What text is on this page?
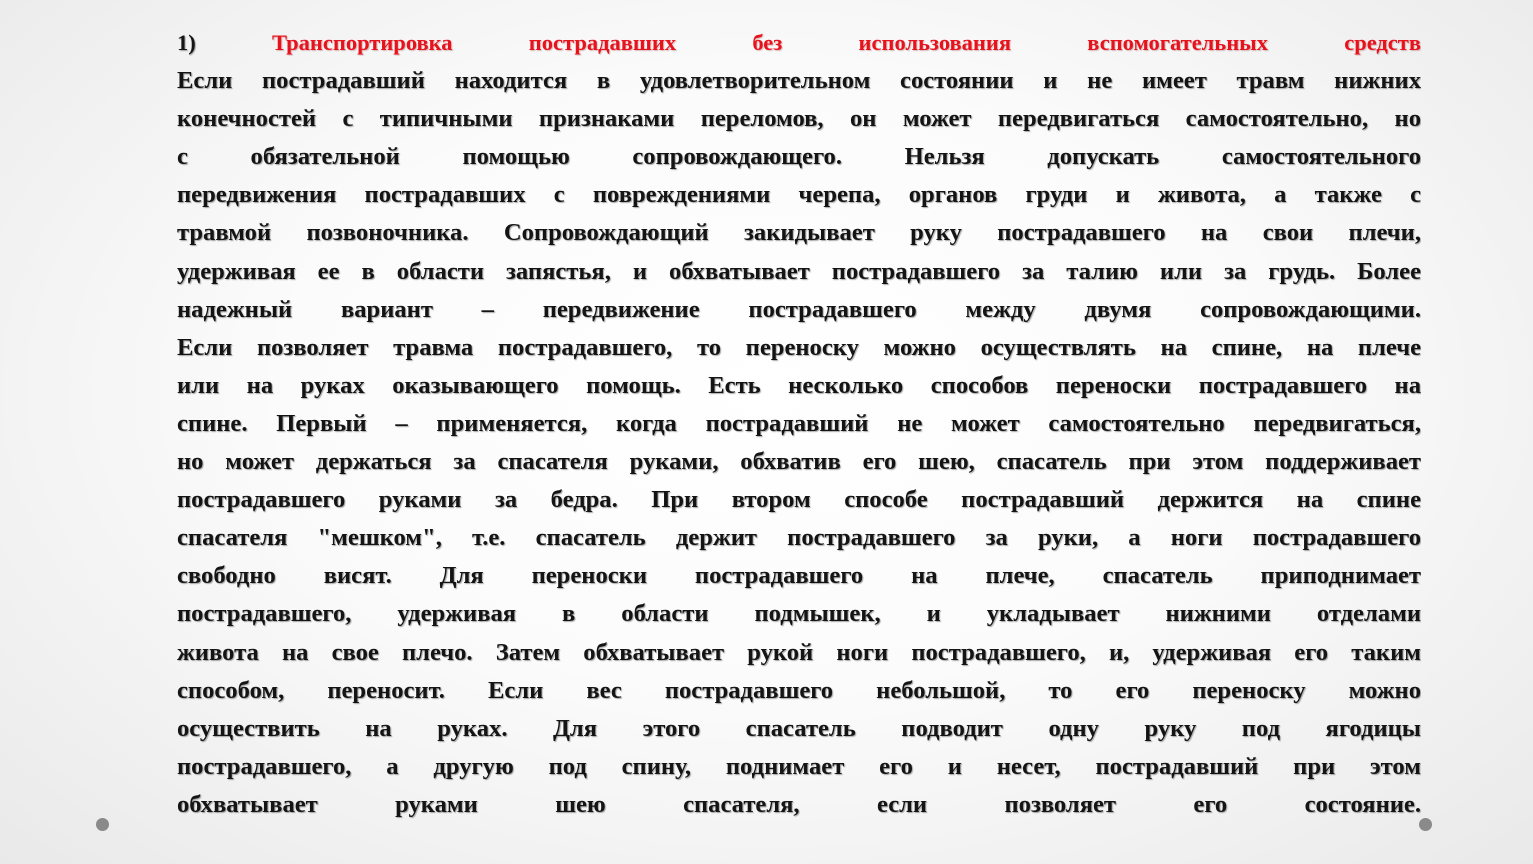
1)	Транспортировка пострадавших без использования вспомогательных средств
Если пострадавший находится в удовлетворительном состоянии и не имеет травм нижних
конечностей с типичными признаками переломов, он может передвигаться самостоятельно, но
с обязательной помощью сопровождающего. Нельзя допускать самостоятельного
передвижения пострадавших с повреждениями черепа, органов груди и живота, а также с
травмой позвоночника. Сопровождающий закидывает руку пострадавшего на свои плечи,
удерживая ее в области запястья, и обхватывает пострадавшего за талию или за грудь. Более
надежный вариант – передвижение пострадавшего между двумя сопровождающими.
Если позволяет травма пострадавшего, то переноску можно осуществлять на спине, на плече
или на руках оказывающего помощь. Есть несколько способов переноски пострадавшего на
спине. Первый – применяется, когда пострадавший не может самостоятельно передвигаться,
но может держаться за спасателя руками, обхватив его шею, спасатель при этом поддерживает
пострадавшего руками за бедра. При втором способе пострадавший держится на спине
спасателя "мешком", т.е. спасатель держит пострадавшего за руки, а ноги пострадавшего
свободно висят. Для переноски пострадавшего на плече, спасатель приподнимает
пострадавшего, удерживая в области подмышек, и укладывает нижними отделами
живота на свое плечо. Затем обхватывает рукой ноги пострадавшего, и, удерживая его таким
способом, переносит. Если вес пострадавшего небольшой, то его переноску можно
осуществить на руках. Для этого спасатель подводит одну руку под ягодицы
пострадавшего, а другую под спину, поднимает его и несет, пострадавший при этом
обхватывает руками шею спасателя, если позволяет его состояние.
